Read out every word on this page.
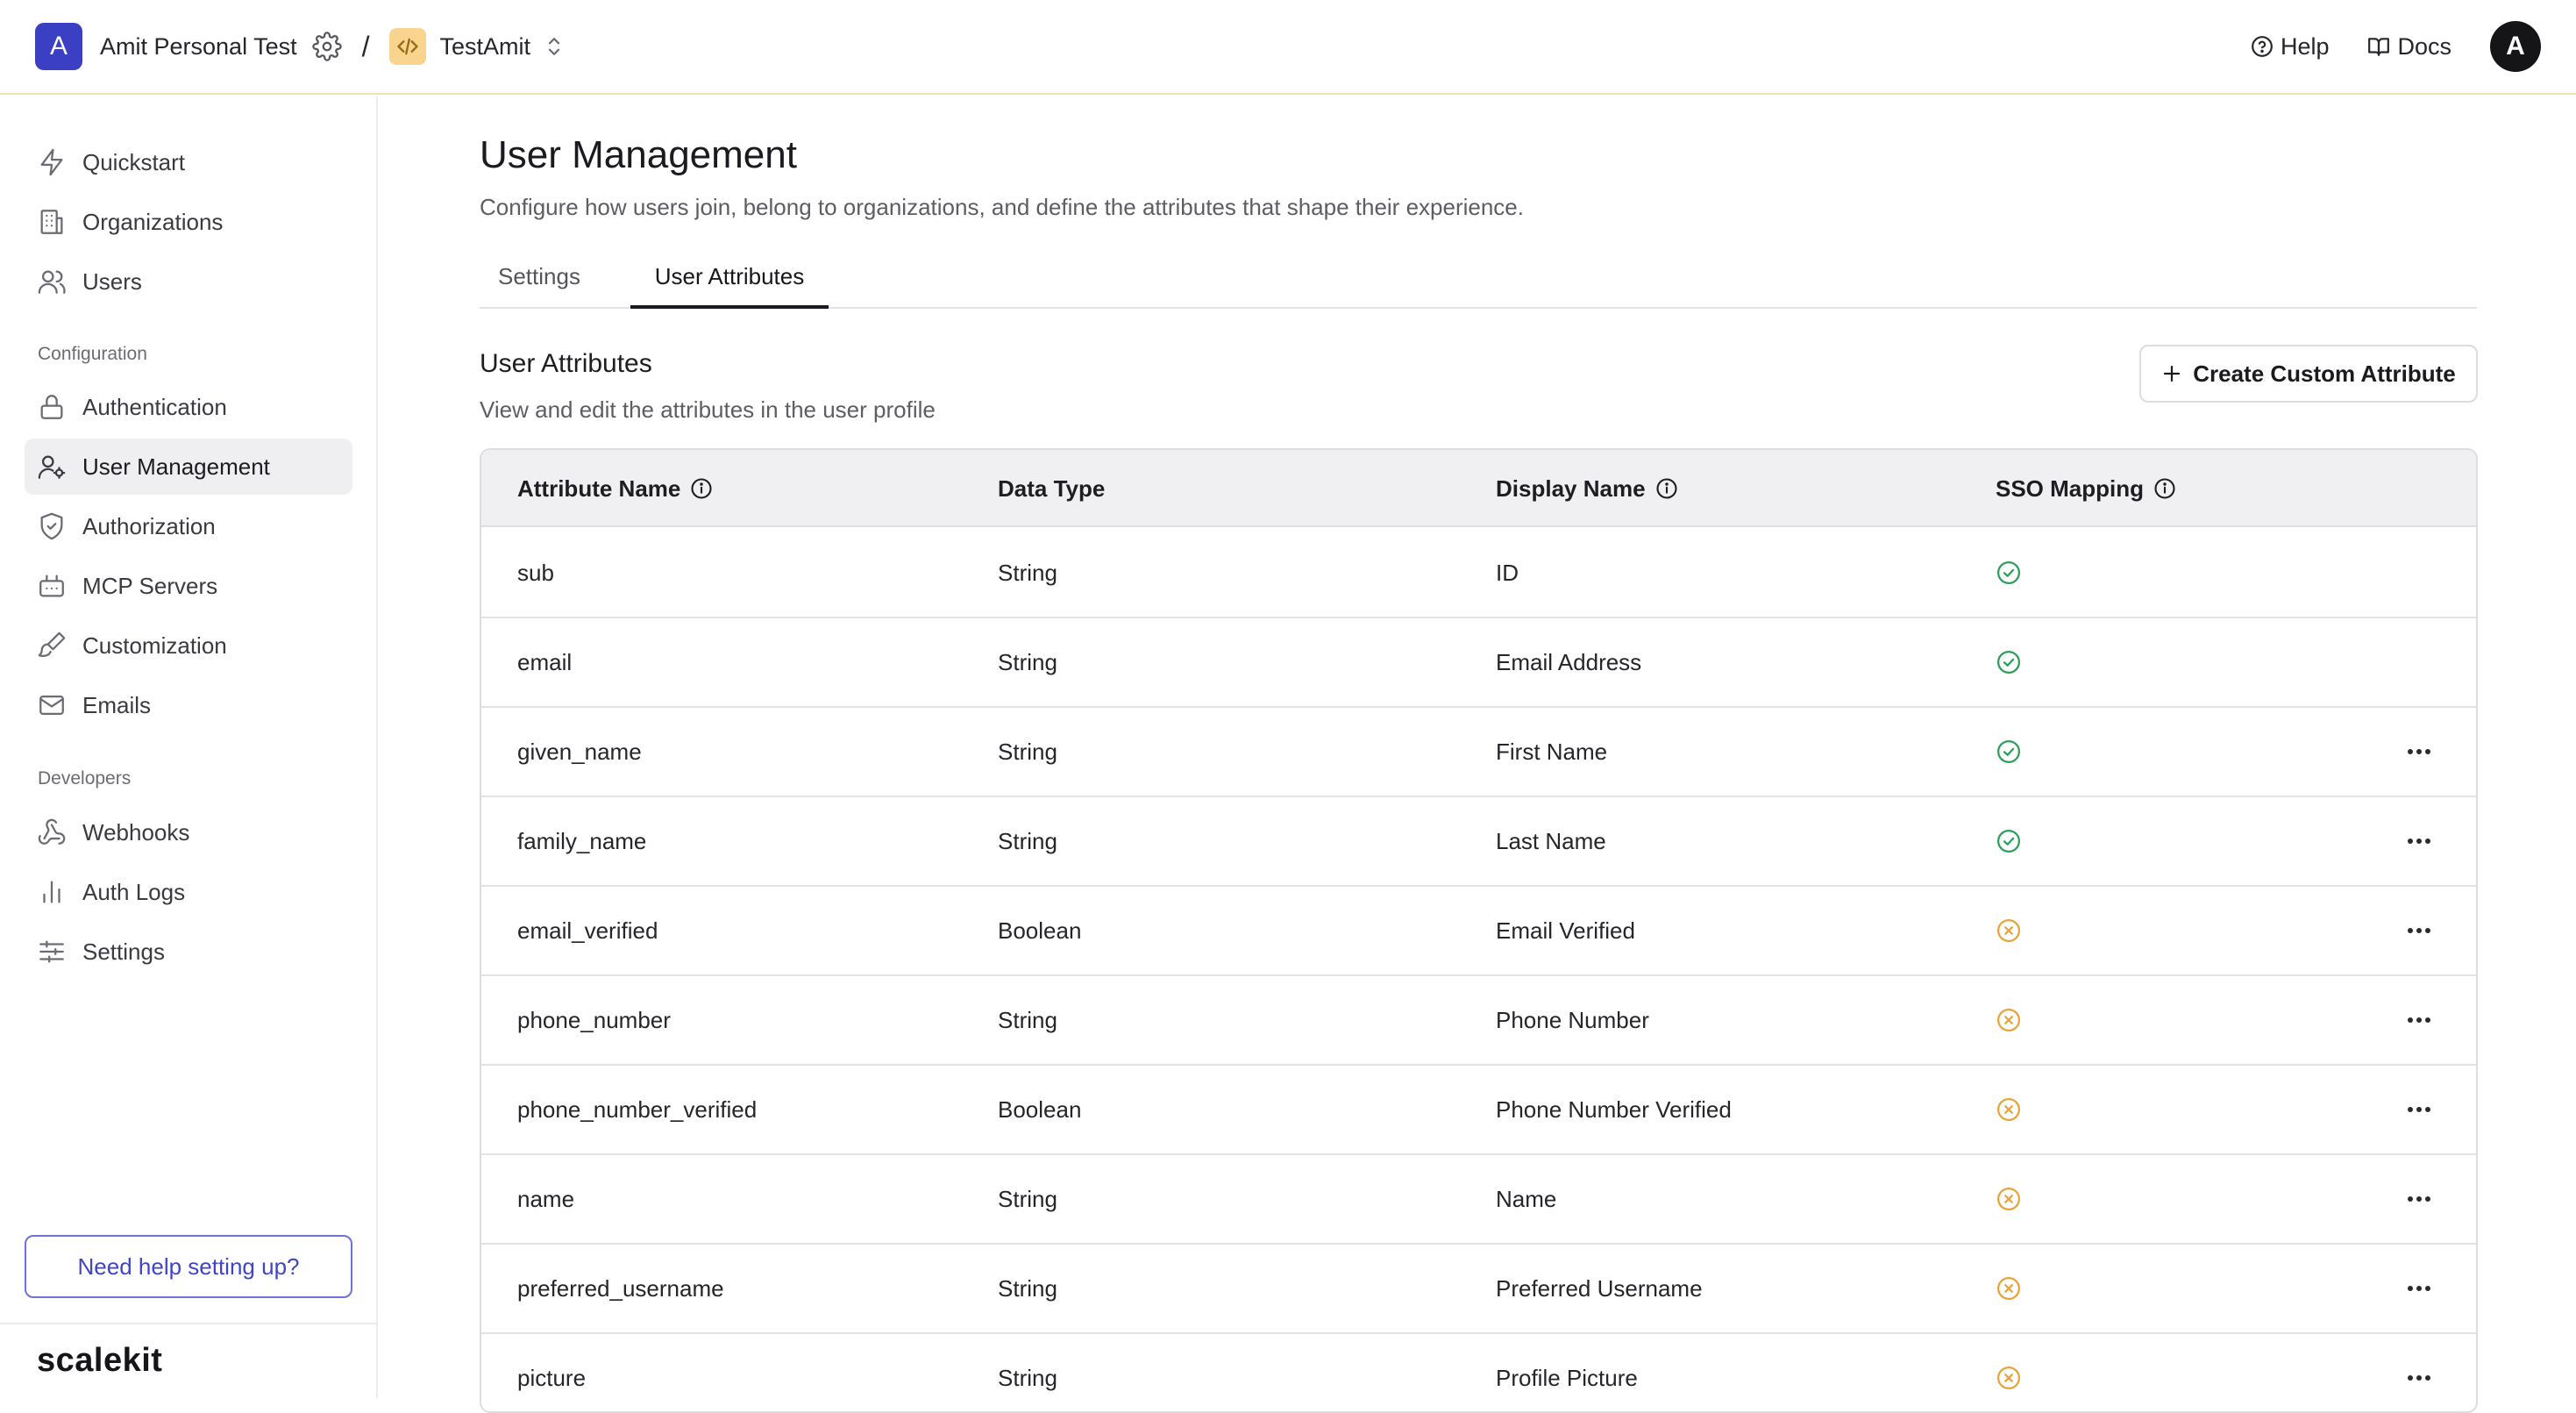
A	Amit Personal Test /	TestAmit	Help	Docs	A
Quickstart
Organizations
Users
Configuration
Authentication
User Management
Authorization
MCP Servers
Customization
Emails
Developers
Webhooks
Auth Logs
Settings
Need help setting up?
scalekit
User Management
Configure how users join, belong to organizations, and define the attributes that shape their experience.
Settings	User Attributes
User Attributes
View and edit the attributes in the user profile
Create Custom Attribute
Attribute Name	Data Type	Display Name	SSO Mapping
sub	String	ID
email	String	Email Address
given_name	String	First Name
family_name	String	Last Name
email_verified	Boolean	Email Verified
phone_number	String	Phone Number
phone_number_verified	Boolean	Phone Number Verified
name	String	Name
preferred_username	String	Preferred Username
picture	String	Profile Picture
